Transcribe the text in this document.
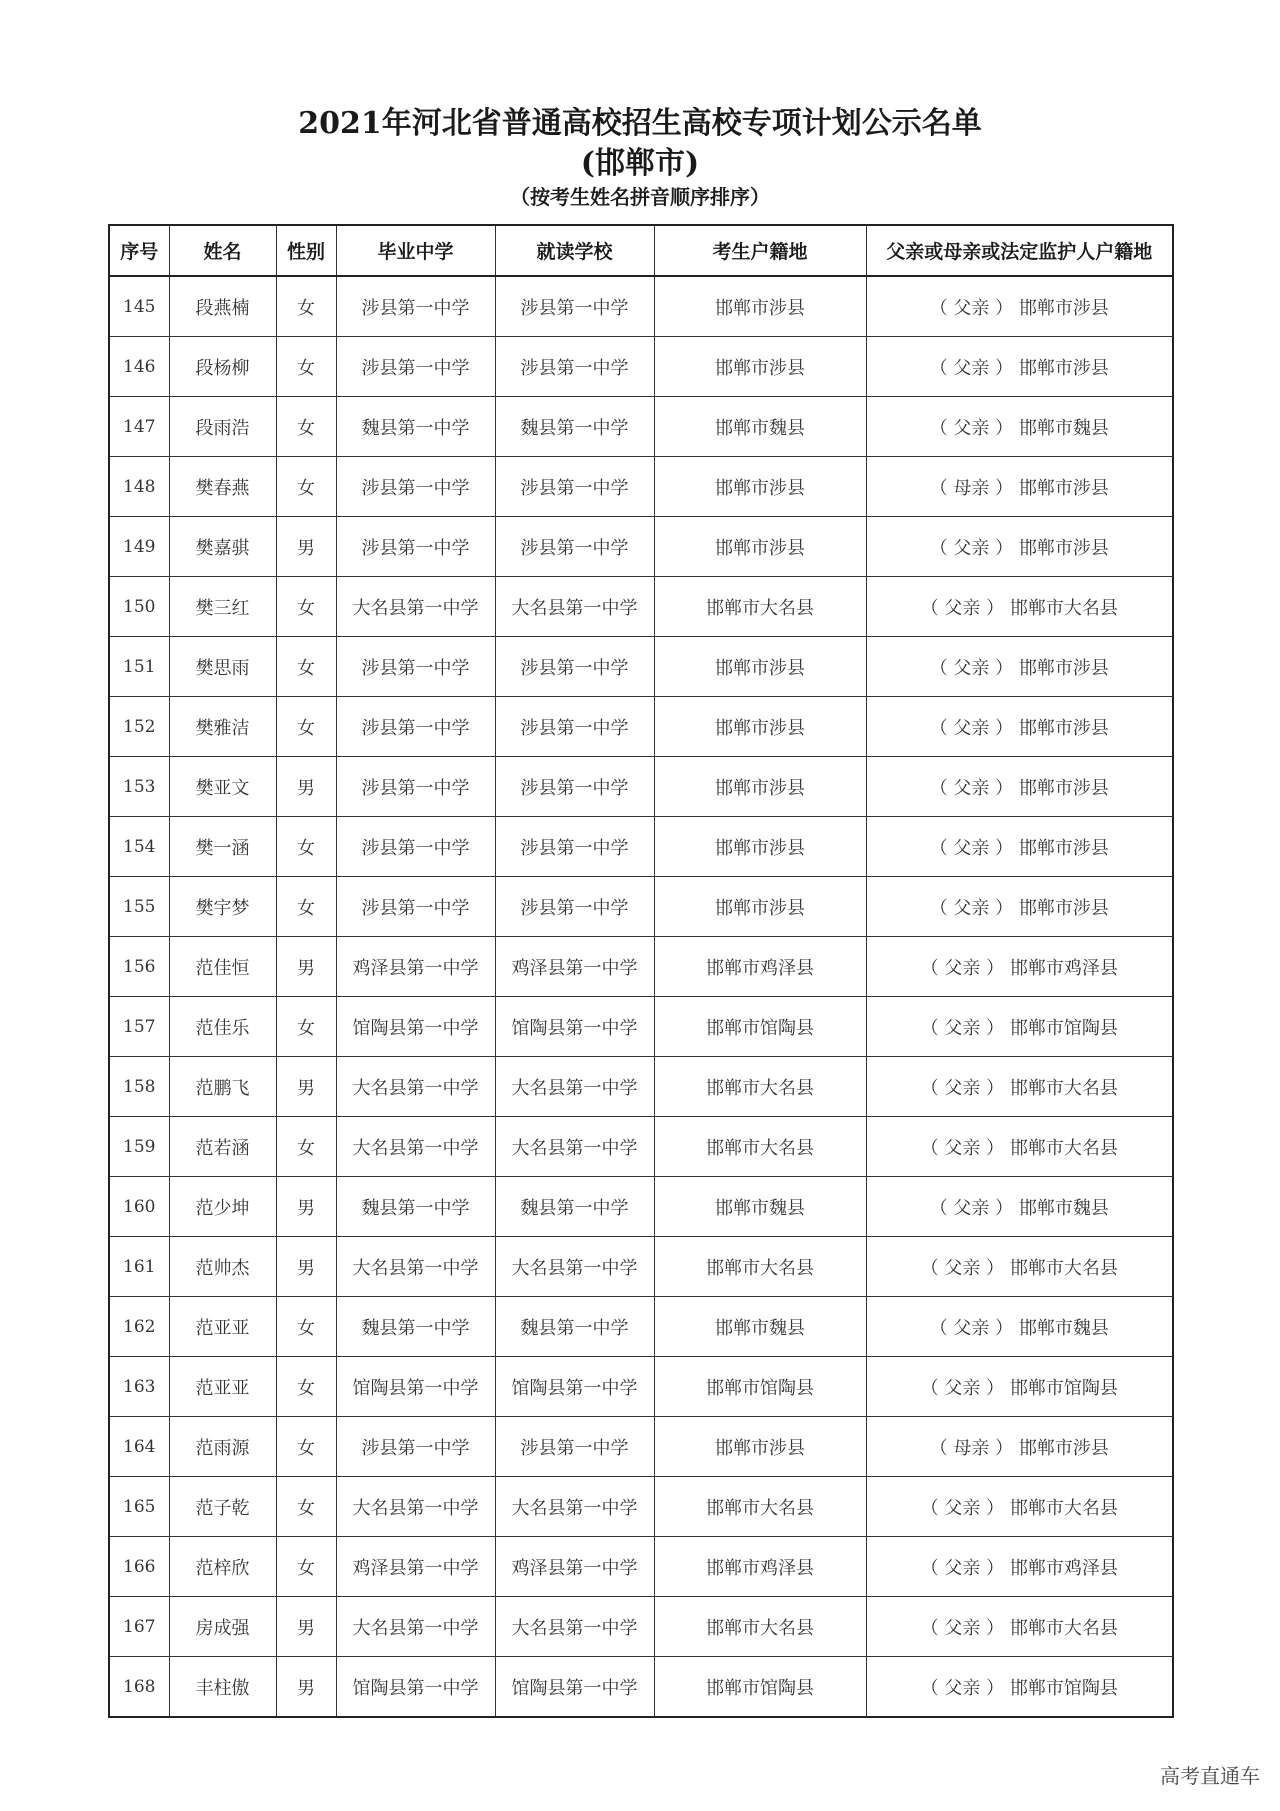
2021年河北省普通高校招生高校专项计划公示名单
(邯郸市)
（按考生姓名拼音顺序排序）
序号	姓名	性别	毕业中学	就读学校	考生户籍地	父亲或母亲或法定监护人户籍地
145	段燕楠	女	涉县第一中学	涉县第一中学	邯郸市涉县	（ 父亲 ） 邯郸市涉县
146	段杨柳	女	涉县第一中学	涉县第一中学	邯郸市涉县	（ 父亲 ） 邯郸市涉县
147	段雨浩	女	魏县第一中学	魏县第一中学	邯郸市魏县	（ 父亲 ） 邯郸市魏县
148	樊春燕	女	涉县第一中学	涉县第一中学	邯郸市涉县	（ 母亲 ） 邯郸市涉县
149	樊嘉骐	男	涉县第一中学	涉县第一中学	邯郸市涉县	（ 父亲 ） 邯郸市涉县
150	樊三红	女	大名县第一中学	大名县第一中学	邯郸市大名县	（ 父亲 ） 邯郸市大名县
151	樊思雨	女	涉县第一中学	涉县第一中学	邯郸市涉县	（ 父亲 ） 邯郸市涉县
152	樊雅洁	女	涉县第一中学	涉县第一中学	邯郸市涉县	（ 父亲 ） 邯郸市涉县
153	樊亚文	男	涉县第一中学	涉县第一中学	邯郸市涉县	（ 父亲 ） 邯郸市涉县
154	樊一涵	女	涉县第一中学	涉县第一中学	邯郸市涉县	（ 父亲 ） 邯郸市涉县
155	樊宇梦	女	涉县第一中学	涉县第一中学	邯郸市涉县	（ 父亲 ） 邯郸市涉县
156	范佳恒	男	鸡泽县第一中学	鸡泽县第一中学	邯郸市鸡泽县	（ 父亲 ） 邯郸市鸡泽县
157	范佳乐	女	馆陶县第一中学	馆陶县第一中学	邯郸市馆陶县	（ 父亲 ） 邯郸市馆陶县
158	范鹏飞	男	大名县第一中学	大名县第一中学	邯郸市大名县	（ 父亲 ） 邯郸市大名县
159	范若涵	女	大名县第一中学	大名县第一中学	邯郸市大名县	（ 父亲 ） 邯郸市大名县
160	范少坤	男	魏县第一中学	魏县第一中学	邯郸市魏县	（ 父亲 ） 邯郸市魏县
161	范帅杰	男	大名县第一中学	大名县第一中学	邯郸市大名县	（ 父亲 ） 邯郸市大名县
162	范亚亚	女	魏县第一中学	魏县第一中学	邯郸市魏县	（ 父亲 ） 邯郸市魏县
163	范亚亚	女	馆陶县第一中学	馆陶县第一中学	邯郸市馆陶县	（ 父亲 ） 邯郸市馆陶县
164	范雨源	女	涉县第一中学	涉县第一中学	邯郸市涉县	（ 母亲 ） 邯郸市涉县
165	范子乾	女	大名县第一中学	大名县第一中学	邯郸市大名县	（ 父亲 ） 邯郸市大名县
166	范梓欣	女	鸡泽县第一中学	鸡泽县第一中学	邯郸市鸡泽县	（ 父亲 ） 邯郸市鸡泽县
167	房成强	男	大名县第一中学	大名县第一中学	邯郸市大名县	（ 父亲 ） 邯郸市大名县
168	丰柱傲	男	馆陶县第一中学	馆陶县第一中学	邯郸市馆陶县	（ 父亲 ） 邯郸市馆陶县
高考直通车
